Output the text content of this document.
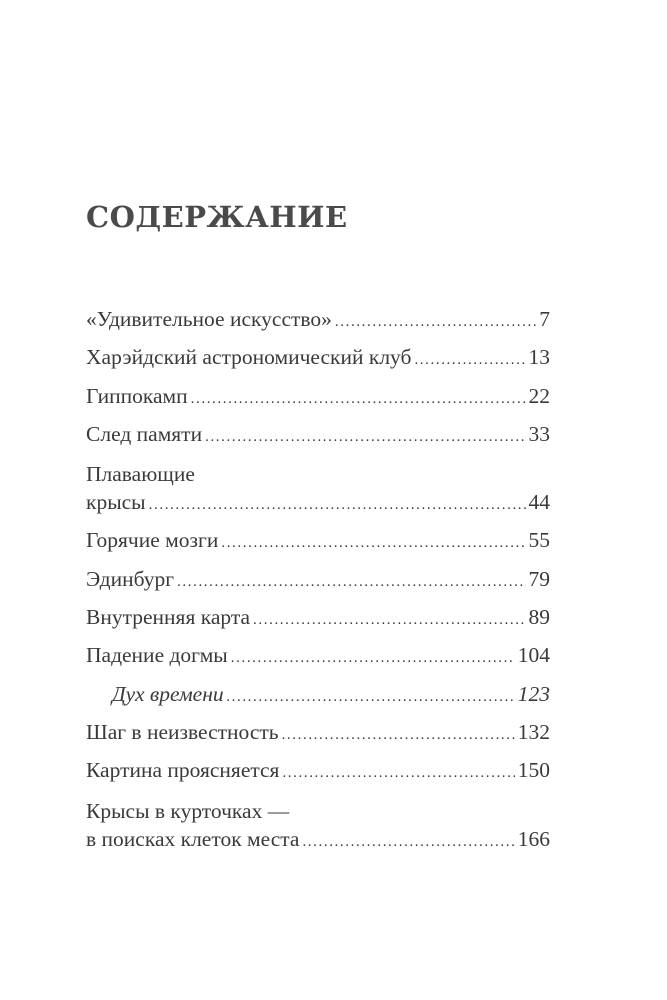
СОДЕРЖАНИЕ
«Удивительное искусство» .....	7
Харэйдский астрономический клуб .....	13
Гиппокамп .....	22
След памяти .....	33
Плавающие
крысы .....	44
Горячие мозги .....	55
Эдинбург .....	79
Внутренняя карта .....	89
Падение догмы .....	104
Дух времени .....	123
Шаг в неизвестность .....	132
Картина проясняется .....	150
Крысы в курточках —
в поисках клеток места .....	166
